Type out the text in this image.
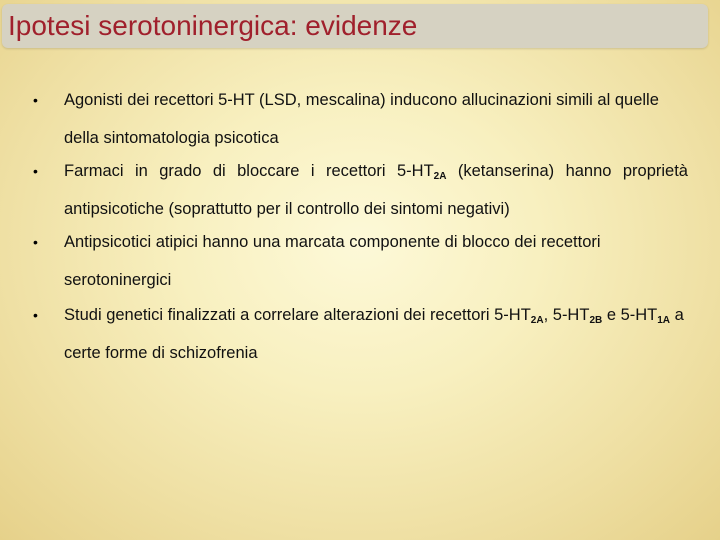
Ipotesi serotoninergica: evidenze
• Agonisti dei recettori 5-HT (LSD, mescalina) inducono allucinazioni simili al quelle della sintomatologia psicotica
• Farmaci in grado di bloccare i recettori $5-HT_{2A}$ (ketanserina) hanno proprietà antipsicotiche (soprattutto per il controllo dei sintomi negativi)
• Antipsicotici atipici hanno una marcata componente di blocco dei recettori serotoninergici
• Studi genetici finalizzati a correlare alterazioni dei recettori $5-HT_{2A}$, $5-HT_{2B}$ e $5-HT_{1A}$ a certe forme di schizofrenia
